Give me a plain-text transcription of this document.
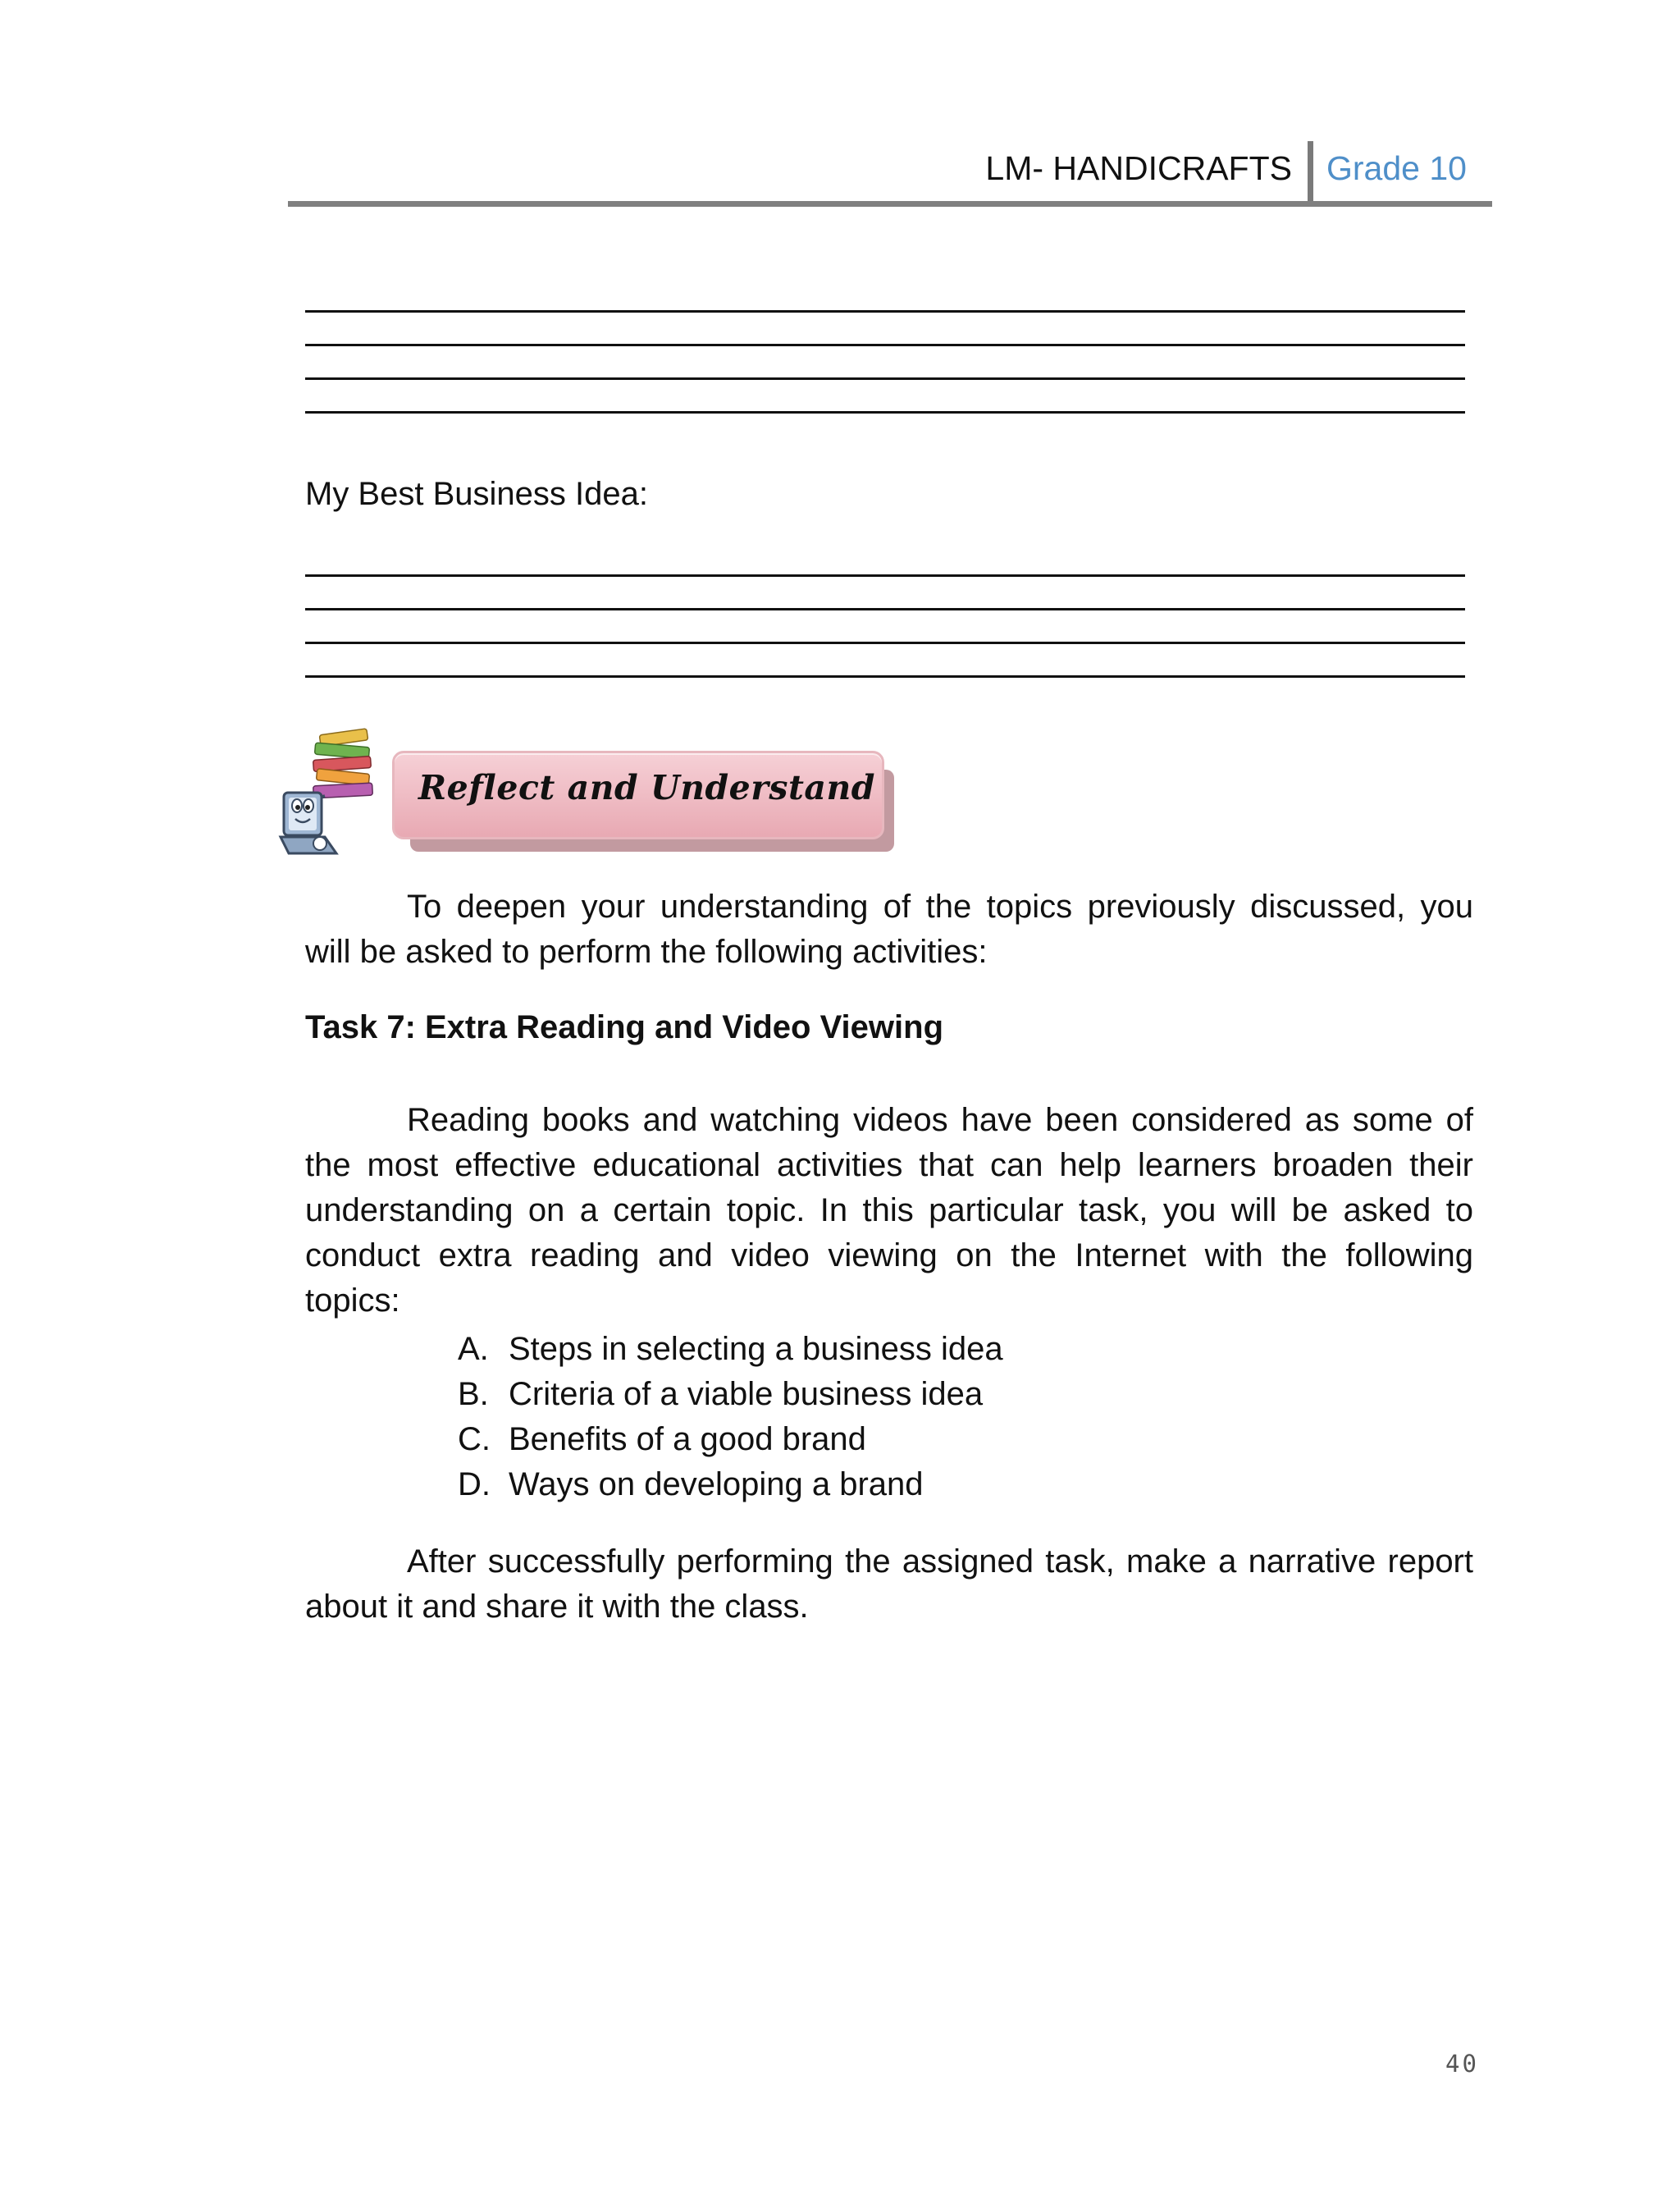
LM- HANDICRAFTS Grade 10
My Best Business Idea:
Reflect and Understand

To deepen your understanding of the topics previously discussed, you will be asked to perform the following activities:

Task 7: Extra Reading and Video Viewing

Reading books and watching videos have been considered as some of the most effective educational activities that can help learners broaden their understanding on a certain topic. In this particular task, you will be asked to conduct extra reading and video viewing on the Internet with the following topics:

A. Steps in selecting a business idea
B. Criteria of a viable business idea
C. Benefits of a good brand
D. Ways on developing a brand

After successfully performing the assigned task, make a narrative report about it and share it with the class.

40
